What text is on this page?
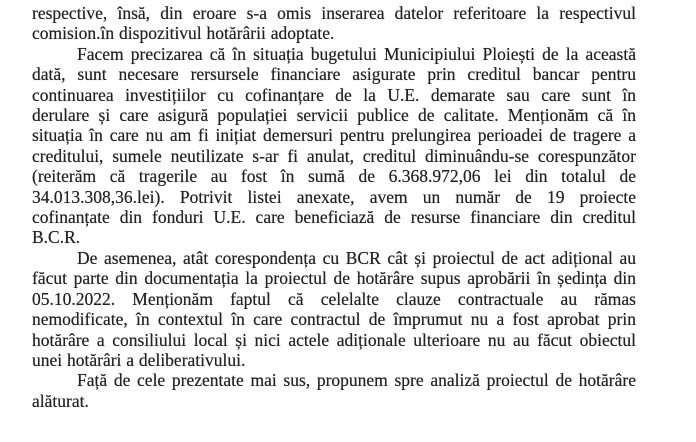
respective, însă, din eroare s-a omis inserarea datelor referitoare la respectivul
comision.în dispozitivul hotărârii adoptate.
Facem precizarea că în situația bugetului Municipiului Ploiești de la această
dată, sunt necesare rersursele financiare asigurate prin creditul bancar pentru
continuarea investițiilor cu cofinanțare de la U.E. demarate sau care sunt în
derulare și care asigură populației servicii publice de calitate. Menționăm că în
situația în care nu am fi inițiat demersuri pentru prelungirea perioadei de tragere a
creditului, sumele neutilizate s-ar fi anulat, creditul diminuându-se corespunzător
(reiterăm că tragerile au fost în sumă de 6.368.972,06 lei din totalul de
34.013.308,36.lei). Potrivit listei anexate, avem un număr de 19 proiecte
cofinanțate din fonduri U.E. care beneficiază de resurse financiare din creditul
B.C.R.
De asemenea, atât corespondența cu BCR cât și proiectul de act adițional au
făcut parte din documentația la proiectul de hotărâre supus aprobării în ședința din
05.10.2022. Menționăm faptul că celelalte clauze contractuale au rămas
nemodificate, în contextul în care contractul de împrumut nu a fost aprobat prin
hotărâre a consiliului local și nici actele adiționale ulterioare nu au făcut obiectul
unei hotărâri a deliberativului.
Față de cele prezentate mai sus, propunem spre analiză proiectul de hotărâre
alăturat.
